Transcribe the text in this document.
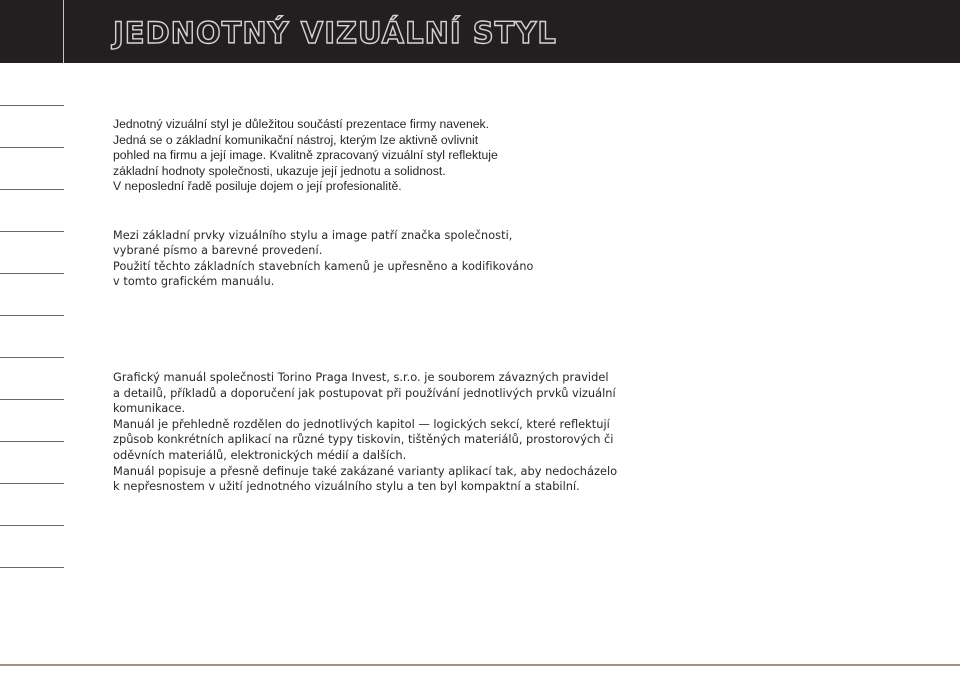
JEDNOTNÝ VIZUÁLNÍ STYL

Jednotný vizuální styl je důležitou součástí prezentace firmy navenek.

Jedná se o základní komunikační nástroj, kterým lze aktivně ovlivnit

pohled na firmu a její image. Kvalitně zpracovaný vizuální styl reflektuje

základní hodnoty společnosti, ukazuje její jednotu a solidnost.

V neposlední řadě posiluje dojem o její profesionalitě.

Mezi základní prvky vizuálního stylu a image patří značka společnosti,

vybrané písmo a barevné provedení.

Použití těchto základních stavebních kamenů je upřesněno a kodifikováno

v tomto grafickém manuálu.

Grafický manuál společnosti Torino Praga Invest, s.r.o. je souborem závazných pravidel

a detailů, příkladů a doporučení jak postupovat při používání jednotlivých prvků vizuální

komunikace.

Manuál je přehledně rozdělen do jednotlivých kapitol — logických sekcí, které reflektují

způsob konkrétních aplikací na různé typy tiskovin, tištěných materiálů, prostorových či

oděvních materiálů, elektronických médií a dalších.

Manuál popisuje a přesně definuje také zakázané varianty aplikací tak, aby nedocházelo

k nepřesnostem v užití jednotného vizuálního stylu a ten byl kompaktní a stabilní.
